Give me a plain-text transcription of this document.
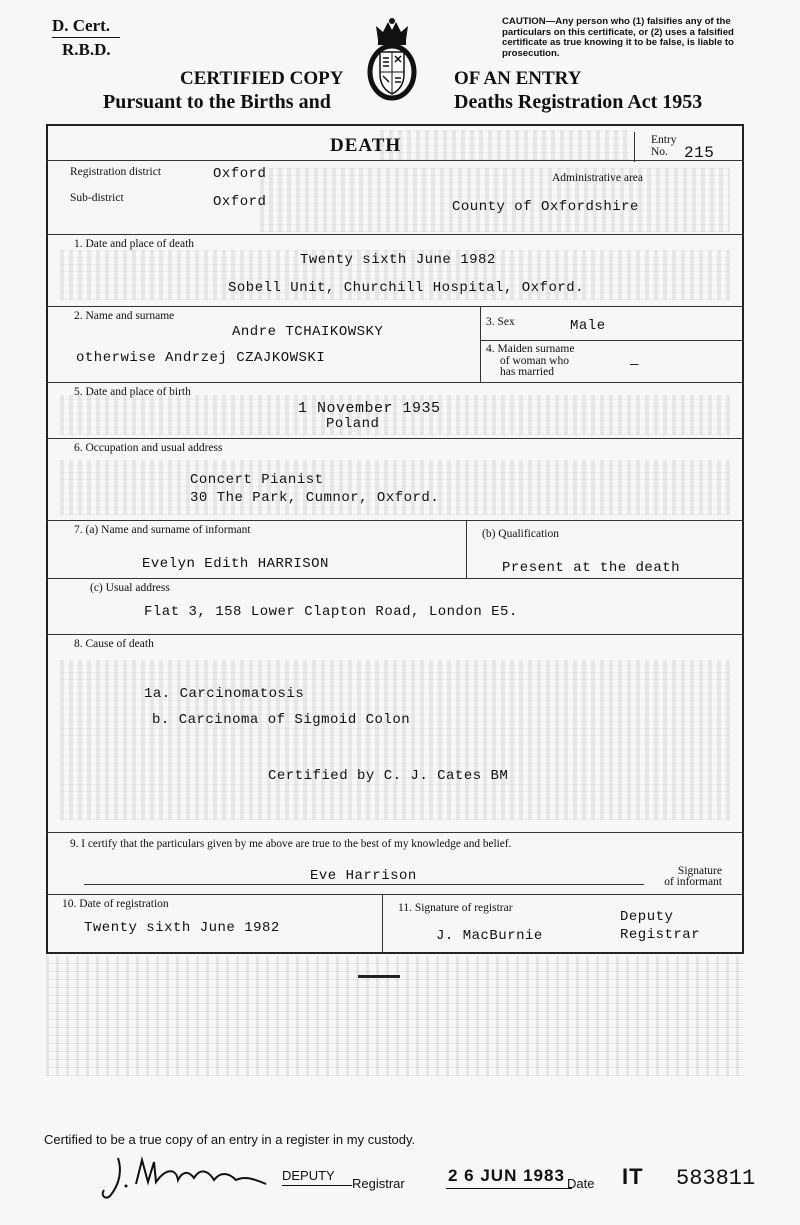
D. Cert.
R.B.D.
CERTIFIED COPY
Pursuant to the Births and
OF AN ENTRY
Deaths Registration Act 1953
CAUTION—Any person who (1) falsifies any of the particulars on this certificate, or (2) uses a falsified certificate as true knowing it to be false, is liable to prosecution.
DEATH	Entry
No.	215
Registration district	Oxford
Sub-district	Oxford
Administrative area
County of Oxfordshire
1. Date and place of death
Twenty sixth June 1982
Sobell Unit, Churchill Hospital, Oxford.
2. Name and surname
Andre TCHAIKOWSKY
otherwise Andrzej CZAJKOWSKI
3. Sex	Male
4. Maiden surname
of woman who
has married	—
5. Date and place of birth
1 November 1935
Poland
6. Occupation and usual address
Concert Pianist
30 The Park, Cumnor, Oxford.
7. (a) Name and surname of informant
Evelyn Edith HARRISON
(b) Qualification
Present at the death
(c) Usual address
Flat 3, 158 Lower Clapton Road, London E5.
8. Cause of death
1a. Carcinomatosis
b. Carcinoma of Sigmoid Colon
Certified by C. J. Cates BM
9. I certify that the particulars given by me above are true to the best of my knowledge and belief.
Eve Harrison	Signature
of informant
10. Date of registration
Twenty sixth June 1982
11. Signature of registrar
J. MacBurnie
Deputy
Registrar
Certified to be a true copy of an entry in a register in my custody.
DEPUTY
Registrar	2 6 JUN 1983 Date IT 583811
